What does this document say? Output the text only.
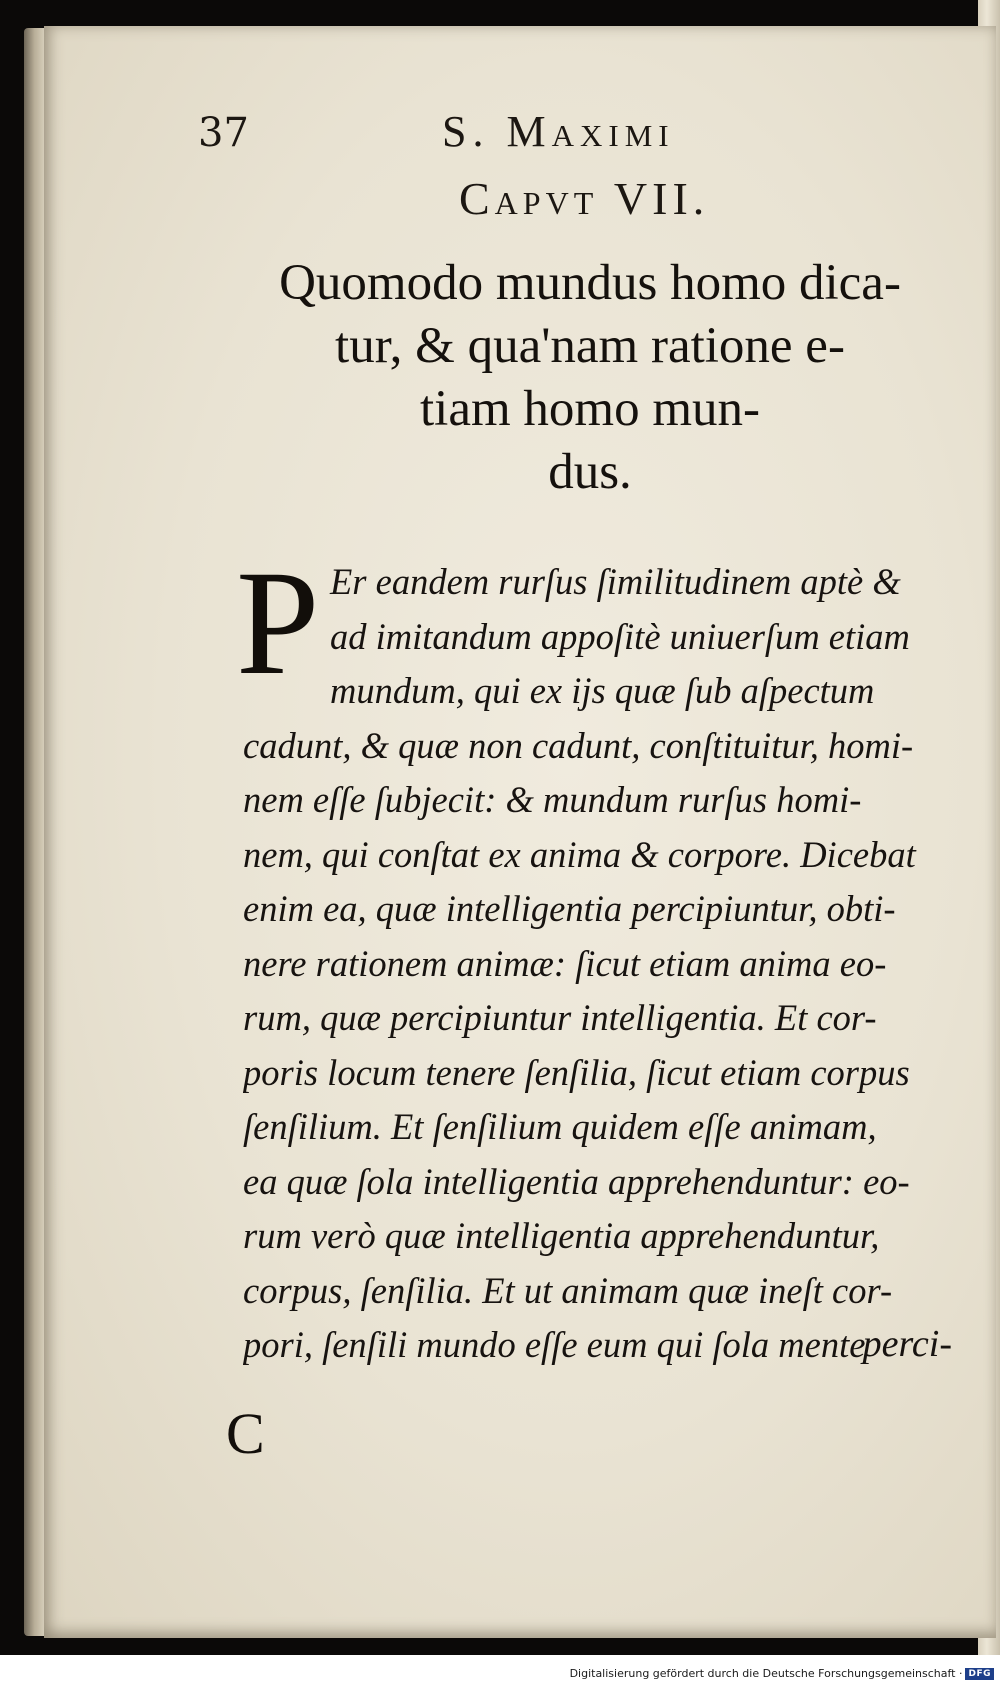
37	S. Maximi
Capvt VII.
Quomodo mundus homo dica-
tur, & qua'nam ratione e-
tiam homo mun-
dus.
P Er eandem rurſus ſimilitudinem aptè &
ad imitandum appoſitè uniuerſum etiam
mundum, qui ex ijs quæ ſub aſpectum
cadunt, & quæ non cadunt, conſtituitur, homi-
nem eſſe ſubjecit: & mundum rurſus homi-
nem, qui conſtat ex anima & corpore. Dicebat
enim ea, quæ intelligentia percipiuntur, obti-
nere rationem animæ: ſicut etiam anima eo-
rum, quæ percipiuntur intelligentia. Et cor-
poris locum tenere ſenſilia, ſicut etiam corpus
ſenſilium. Et ſenſilium quidem eſſe animam,
ea quæ ſola intelligentia apprehenduntur: eo-
rum verò quæ intelligentia apprehenduntur,
corpus, ſenſilia. Et ut animam quæ ineſt cor-
pori, ſenſili mundo eſſe eum qui ſola mente
perci-
C
Digitalisierung gefördert durch die Deutsche Forschungsgemeinschaft · DFG
